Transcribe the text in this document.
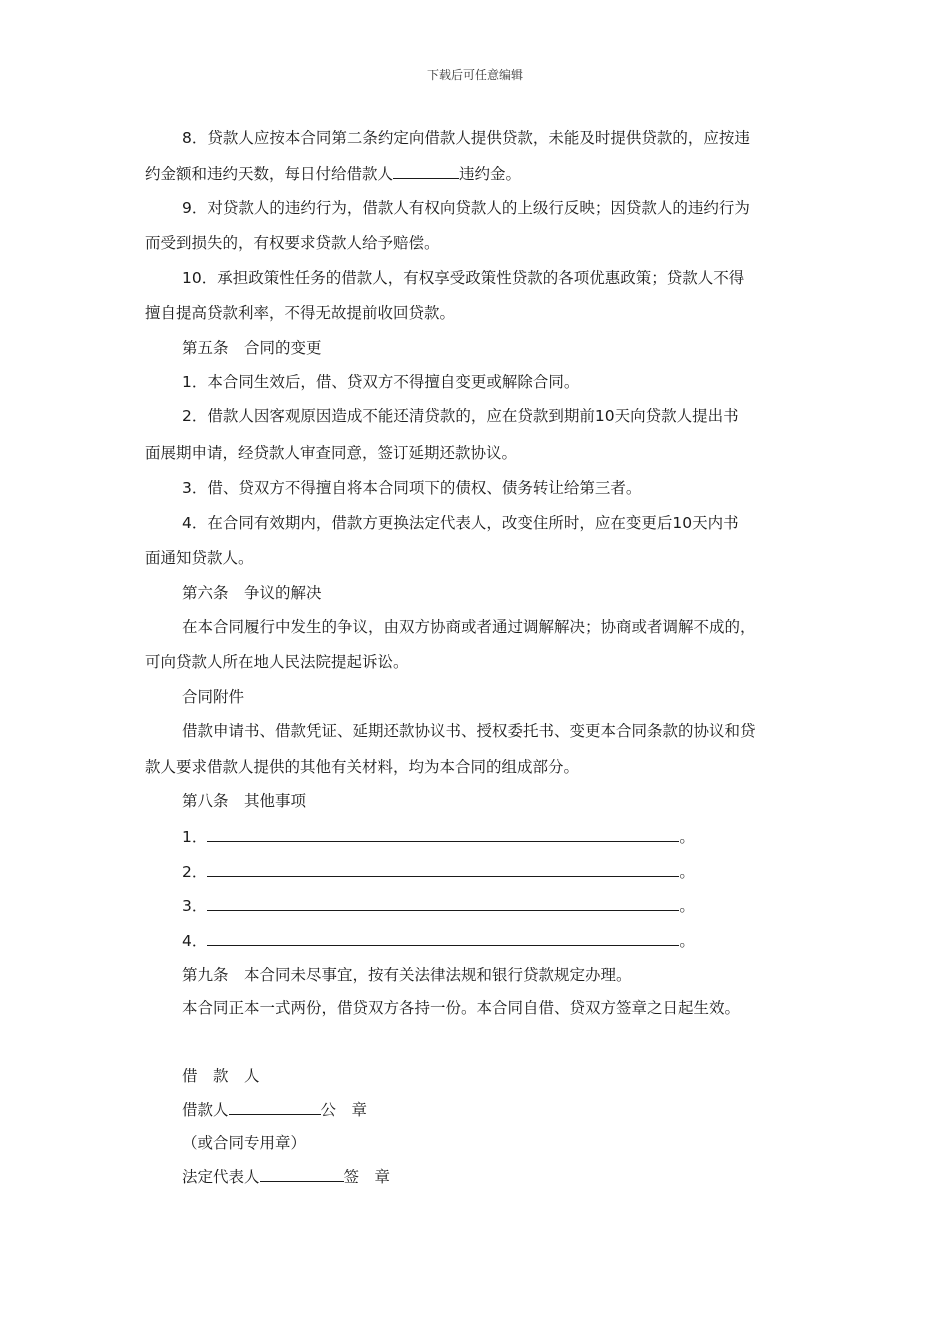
下载后可任意编辑
8．贷款人应按本合同第二条约定向借款人提供贷款，未能及时提供贷款的，应按违
约金额和违约天数，每日付给借款人	违约金。
9．对贷款人的违约行为，借款人有权向贷款人的上级行反映；因贷款人的违约行为
而受到损失的，有权要求贷款人给予赔偿。
10．承担政策性任务的借款人，有权享受政策性贷款的各项优惠政策；贷款人不得
擅自提高贷款利率，不得无故提前收回贷款。
第五条　合同的变更
1．本合同生效后，借、贷双方不得擅自变更或解除合同。
2．借款人因客观原因造成不能还清贷款的，应在贷款到期前10天向贷款人提出书
面展期申请，经贷款人审查同意，签订延期还款协议。
3．借、贷双方不得擅自将本合同项下的债权、债务转让给第三者。
4．在合同有效期内，借款方更换法定代表人，改变住所时，应在变更后10天内书
面通知贷款人。
第六条　争议的解决
在本合同履行中发生的争议，由双方协商或者通过调解解决；协商或者调解不成的，
可向贷款人所在地人民法院提起诉讼。
合同附件
借款申请书、借款凭证、延期还款协议书、授权委托书、变更本合同条款的协议和贷
款人要求借款人提供的其他有关材料，均为本合同的组成部分。
第八条　其他事项
1．	。
2．	。
3．	。
4．	。
第九条　本合同未尽事宜，按有关法律法规和银行贷款规定办理。
本合同正本一式两份，借贷双方各持一份。本合同自借、贷双方签章之日起生效。
借　款　人
借款人	公　章
（或合同专用章）
法定代表人	签　章
